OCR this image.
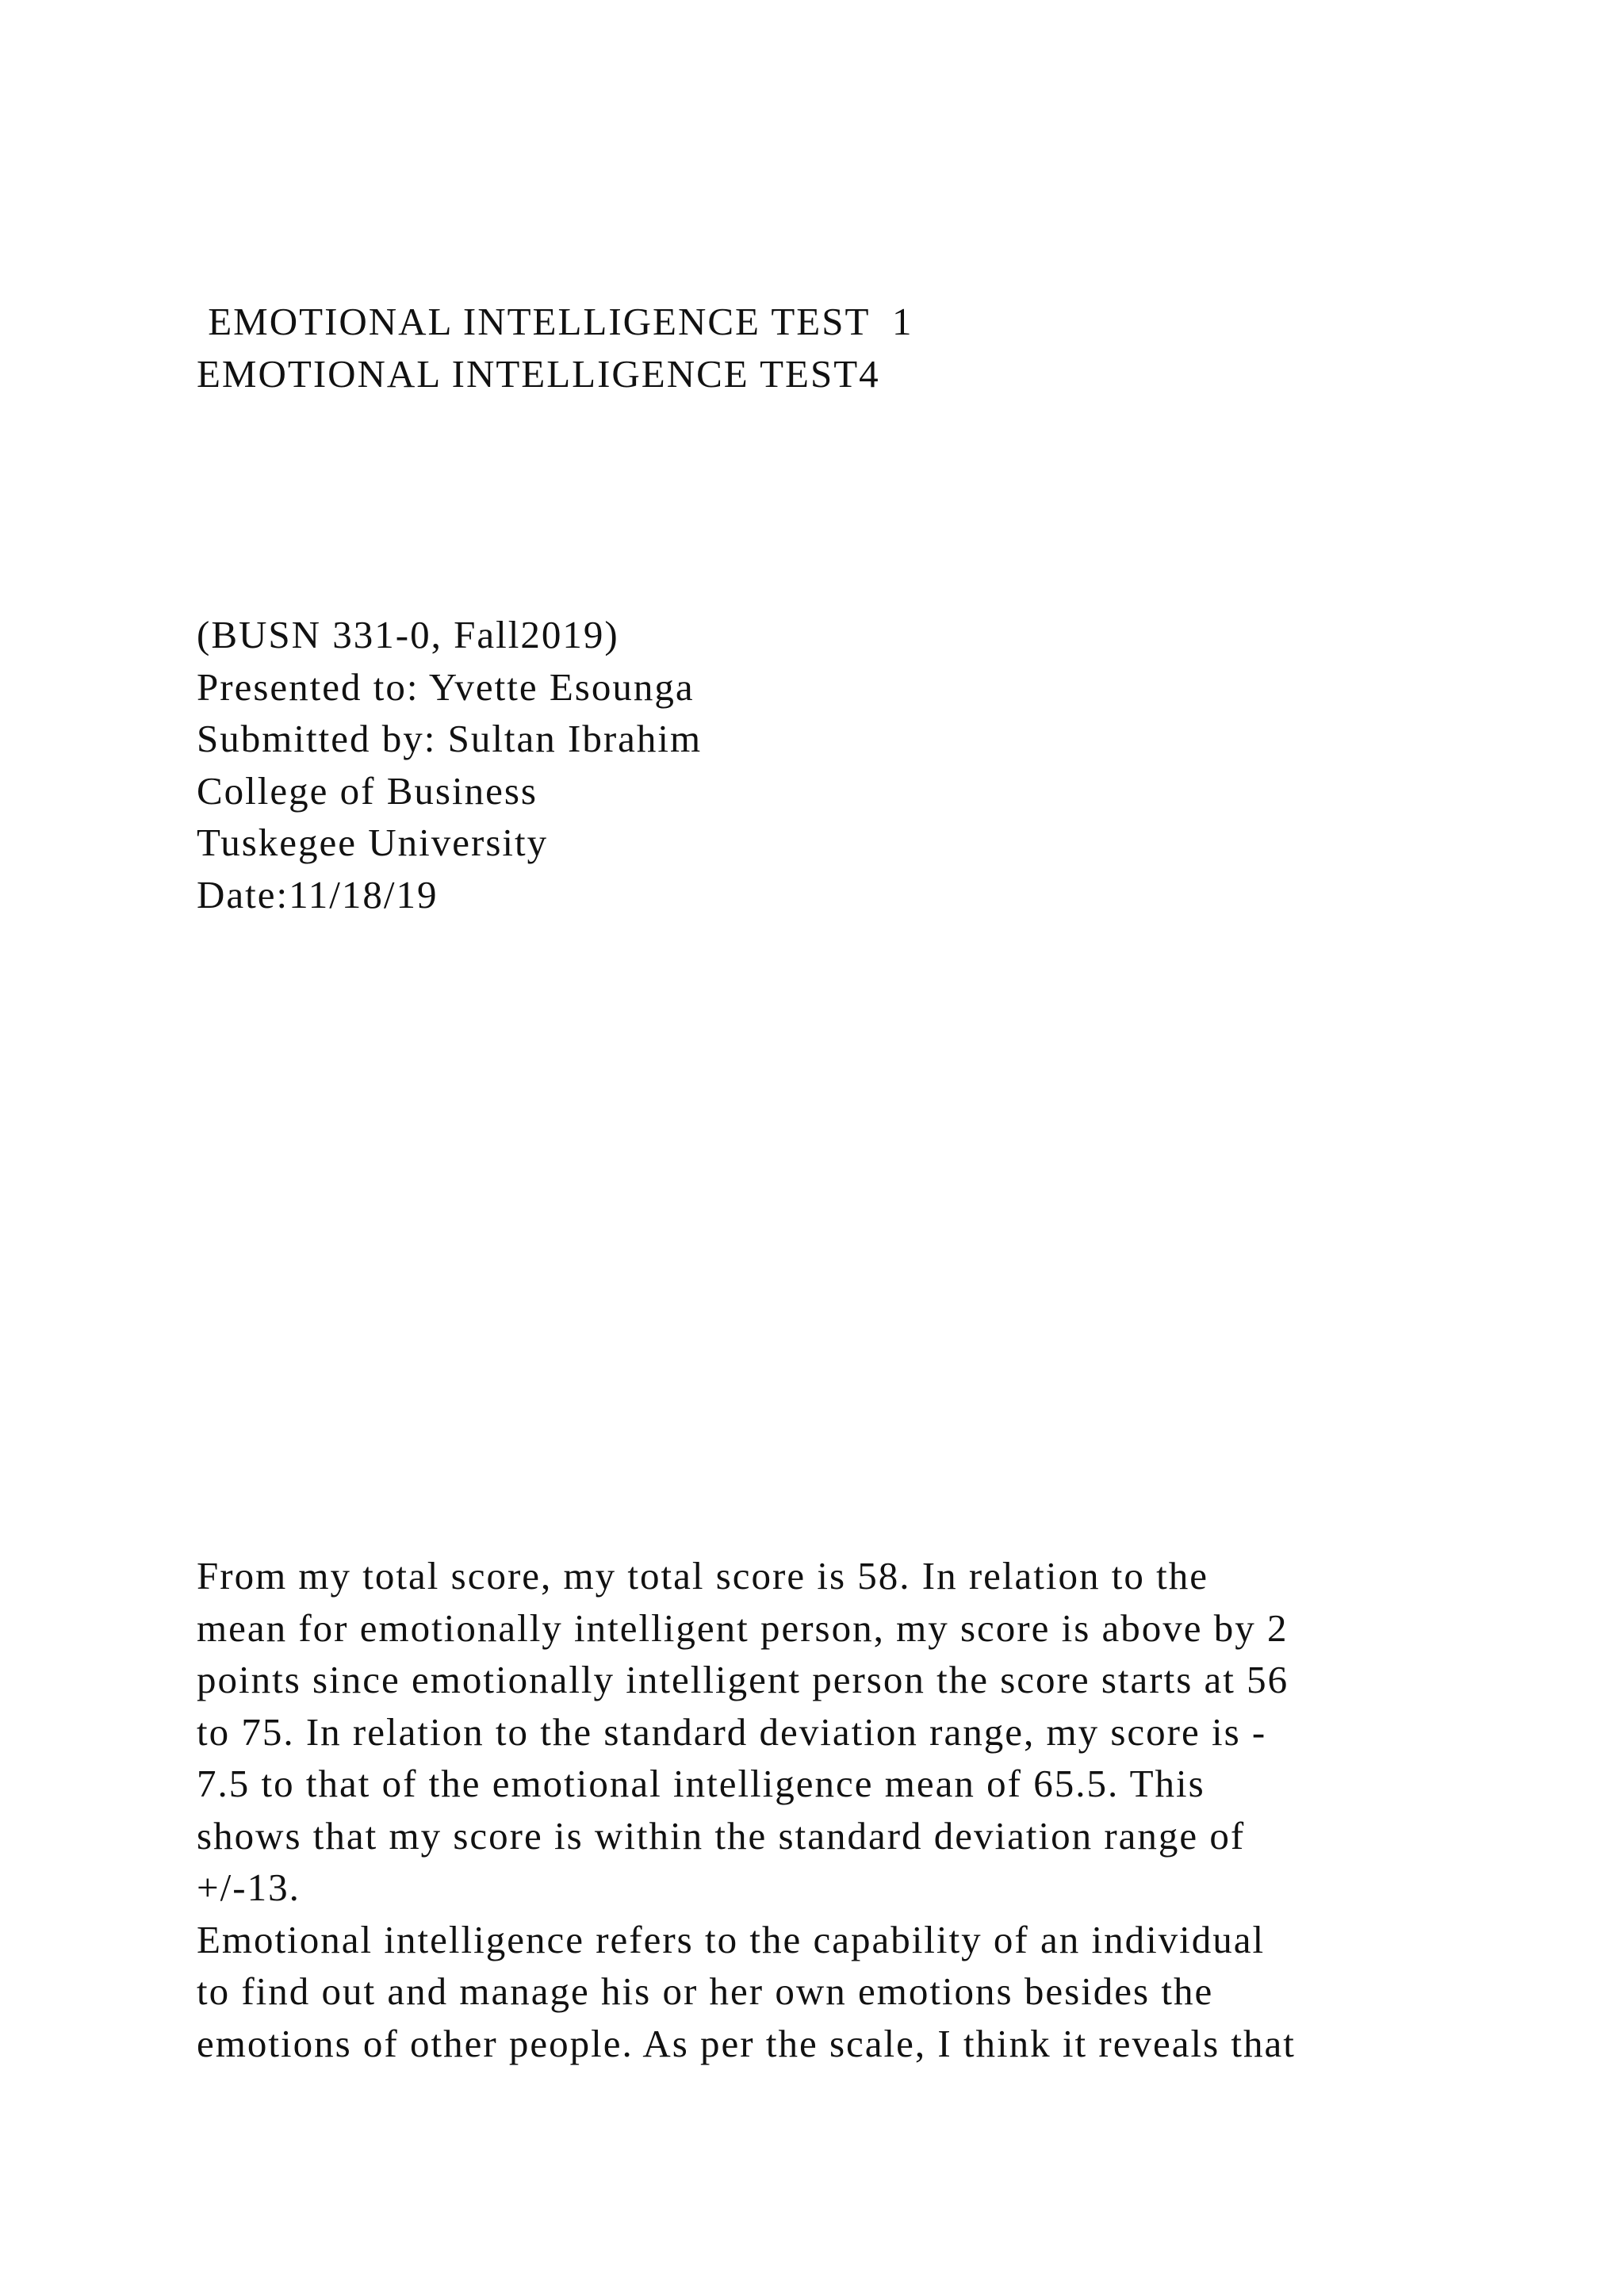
EMOTIONAL INTELLIGENCE TEST  1
EMOTIONAL INTELLIGENCE TEST4
(BUSN 331-0, Fall2019)
Presented to: Yvette Esounga
Submitted by: Sultan Ibrahim
College of Business
Tuskegee University
Date:11/18/19
From my total score, my total score is 58. In relation to the
mean for emotionally intelligent person, my score is above by 2
points since emotionally intelligent person the score starts at 56
to 75. In relation to the standard deviation range, my score is -
7.5 to that of the emotional intelligence mean of 65.5. This
shows that my score is within the standard deviation range of
+/-13.
Emotional intelligence refers to the capability of an individual
to find out and manage his or her own emotions besides the
emotions of other people. As per the scale, I think it reveals that
